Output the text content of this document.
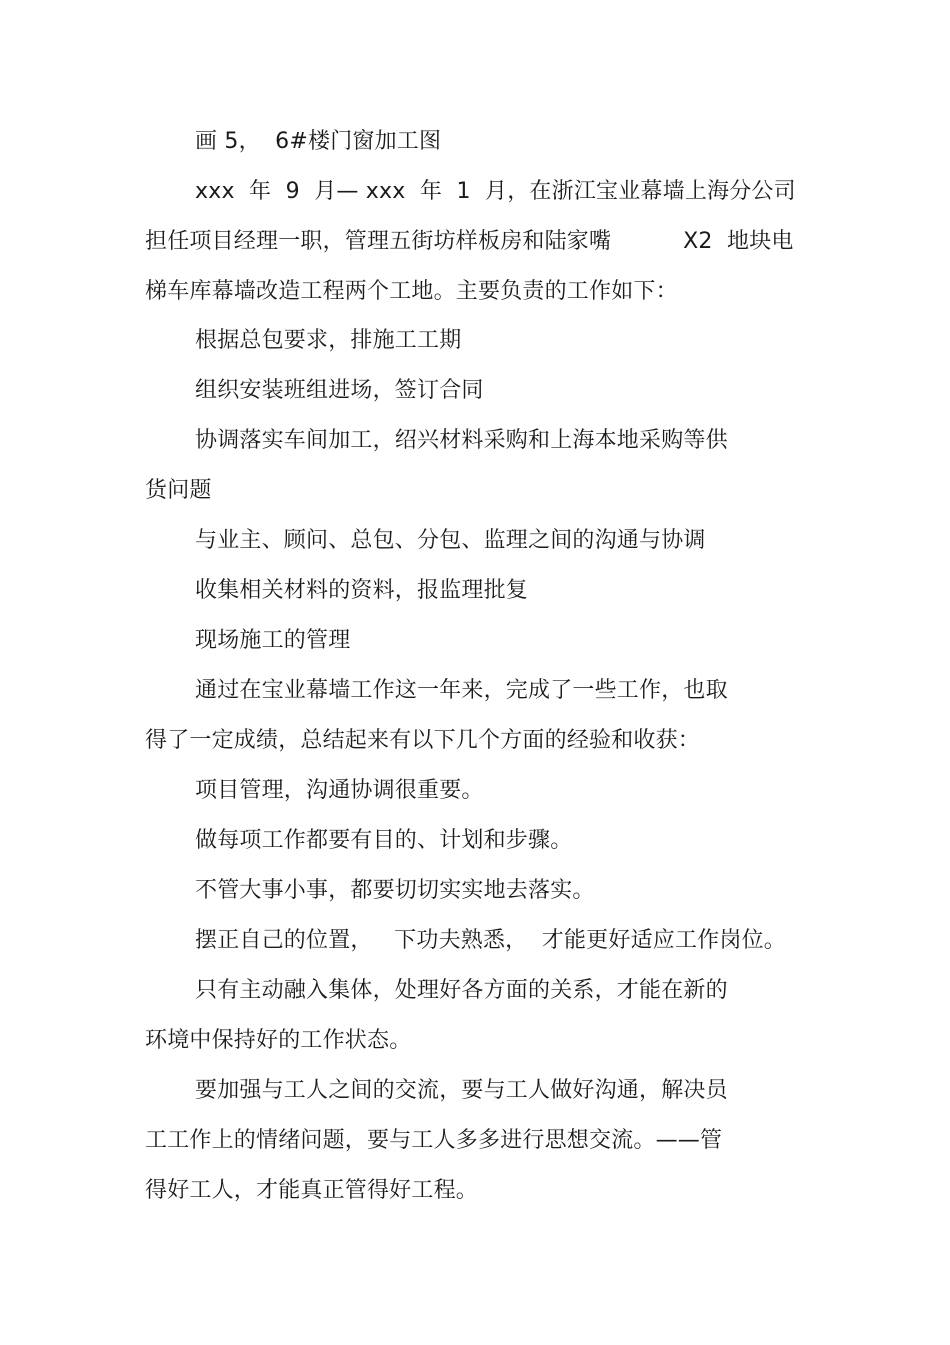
画 5，  6#楼门窗加工图
xxx  年  9  月— xxx  年  1  月，在浙江宝业幕墙上海分公司
担任项目经理一职，管理五街坊样板房和陆家嘴          X2  地块电
梯车库幕墙改造工程两个工地。主要负责的工作如下：
根据总包要求，排施工工期
组织安装班组进场，签订合同
协调落实车间加工，绍兴材料采购和上海本地采购等供
货问题
与业主、顾问、总包、分包、监理之间的沟通与协调
收集相关材料的资料，报监理批复
现场施工的管理
通过在宝业幕墙工作这一年来，完成了一些工作，也取
得了一定成绩，总结起来有以下几个方面的经验和收获：
项目管理，沟通协调很重要。
做每项工作都要有目的、计划和步骤。
不管大事小事，都要切切实实地去落实。
摆正自己的位置，   下功夫熟悉，  才能更好适应工作岗位。
只有主动融入集体，处理好各方面的关系，才能在新的
环境中保持好的工作状态。
要加强与工人之间的交流，要与工人做好沟通，解决员
工工作上的情绪问题，要与工人多多进行思想交流。——管
得好工人，才能真正管得好工程。
